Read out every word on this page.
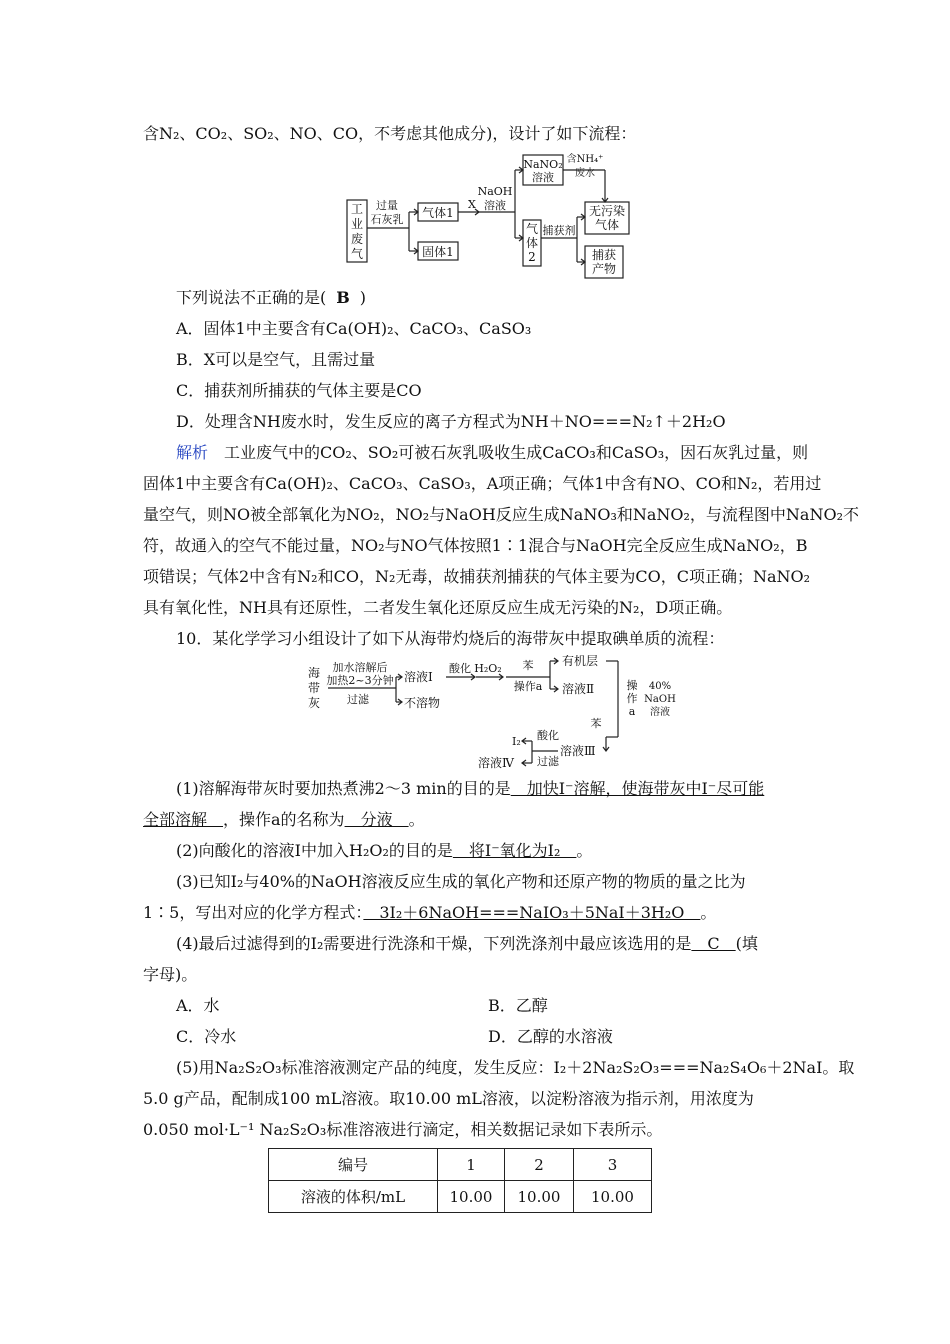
含N₂、CO₂、SO₂、NO、CO，不考虑其他成分)，设计了如下流程：
工
业
废
气
过量
石灰乳 气体1
固体1
X
NaOH
溶液
NaNO₂
溶液
含NH₄⁺
废水
气
体
2
捕获剂
无污染
气体
捕获
产物
下列说法不正确的是( B )
A．固体1中主要含有Ca(OH)₂、CaCO₃、CaSO₃
B．X可以是空气，且需过量
C．捕获剂所捕获的气体主要是CO
D．处理含NH废水时，发生反应的离子方程式为NH＋NO===N₂↑＋2H₂O
解析 工业废气中的CO₂、SO₂可被石灰乳吸收生成CaCO₃和CaSO₃，因石灰乳过量，则
固体1中主要含有Ca(OH)₂、CaCO₃、CaSO₃，A项正确；气体1中含有NO、CO和N₂，若用过
量空气，则NO被全部氧化为NO₂，NO₂与NaOH反应生成NaNO₃和NaNO₂，与流程图中NaNO₂不
符，故通入的空气不能过量，NO₂与NO气体按照1∶1混合与NaOH完全反应生成NaNO₂，B
项错误；气体2中含有N₂和CO，N₂无毒，故捕获剂捕获的气体主要为CO，C项正确；NaNO₂
具有氧化性，NH具有还原性，二者发生氧化还原反应生成无污染的N₂，D项正确。
10．某化学学习小组设计了如下从海带灼烧后的海带灰中提取碘单质的流程：
海
带
灰
加水溶解后
加热2~3分钟
过滤
溶液Ⅰ
不溶物
酸化 H₂O₂ 苯
操作a
有机层
溶液Ⅱ	操
作
a
40%
NaOH
溶液
苯
溶液Ⅲ
酸化
过滤
I₂
溶液Ⅳ
(1)溶解海带灰时要加热煮沸2～3 min的目的是　加快I⁻溶解，使海带灰中I⁻尽可能
全部溶解　，操作a的名称为　分液　。
(2)向酸化的溶液Ⅰ中加入H₂O₂的目的是　将I⁻氧化为I₂　。
(3)已知I₂与40%的NaOH溶液反应生成的氧化产物和还原产物的物质的量之比为
1∶5，写出对应的化学方程式：　3I₂＋6NaOH===NaIO₃＋5NaI＋3H₂O　。
(4)最后过滤得到的I₂需要进行洗涤和干燥，下列洗涤剂中最应该选用的是　C　(填
字母)。
A．水	B．乙醇
C．冷水	D．乙醇的水溶液
(5)用Na₂S₂O₃标准溶液测定产品的纯度，发生反应：I₂＋2Na₂S₂O₃===Na₂S₄O₆＋2NaI。取
5.0 g产品，配制成100 mL溶液。取10.00 mL溶液，以淀粉溶液为指示剂，用浓度为
0.050 mol·L⁻¹ Na₂S₂O₃标准溶液进行滴定，相关数据记录如下表所示。
编号	1	2	3
溶液的体积/mL	10.00	10.00	10.00
